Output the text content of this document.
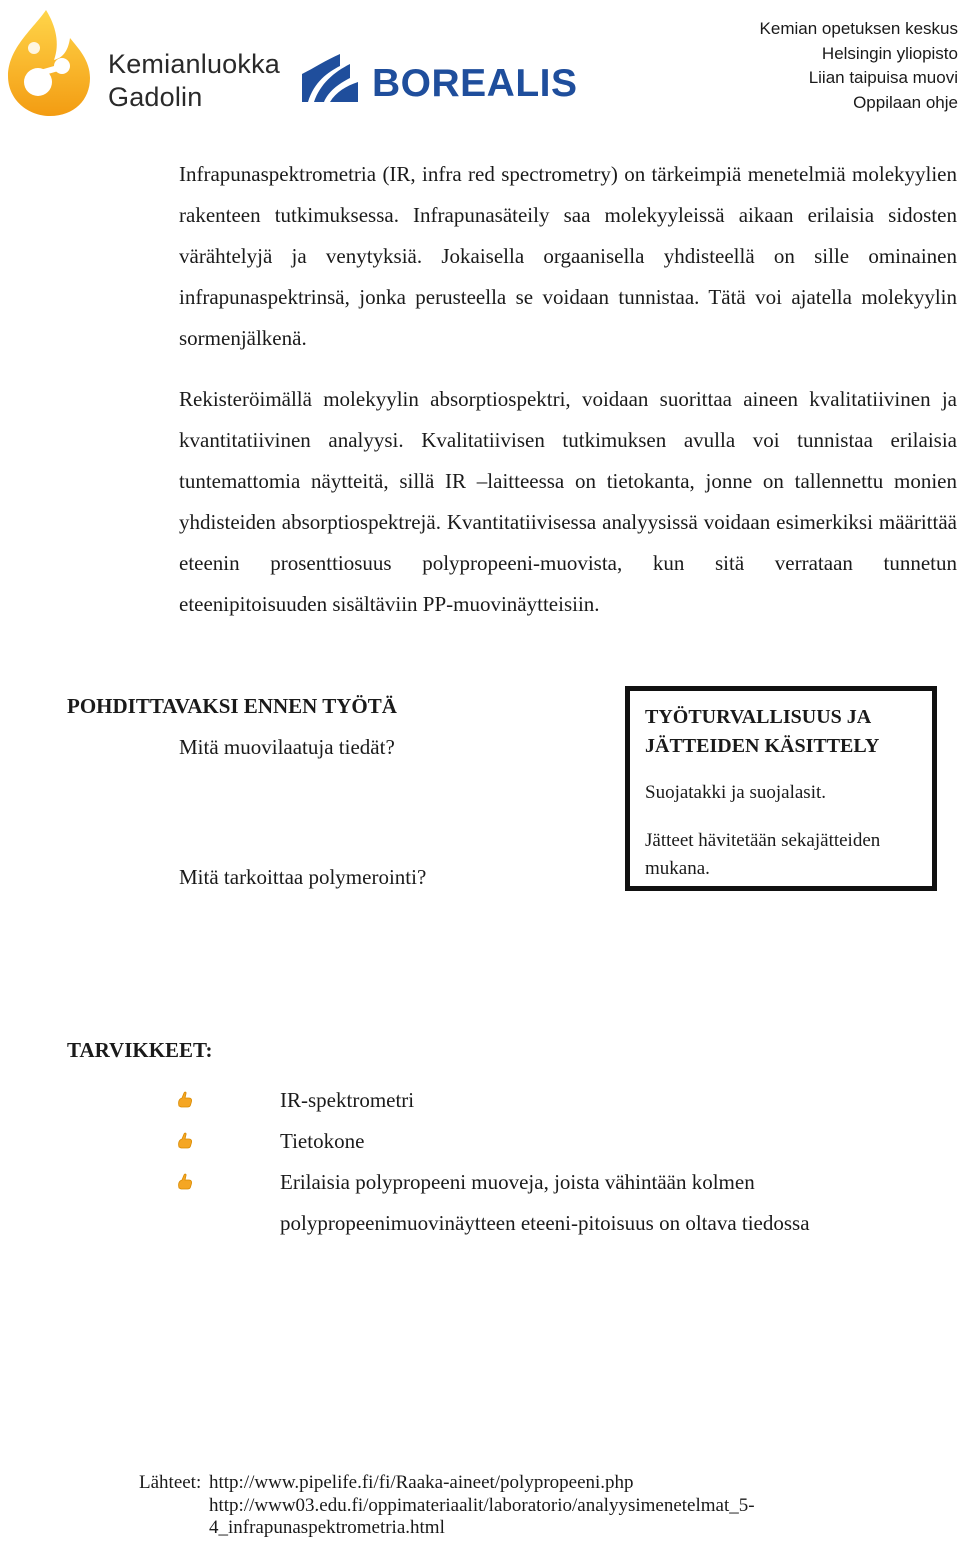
Kemianluokka
Gadolin	BOREALIS
Kemian opetuksen keskus
Helsingin yliopisto
Liian taipuisa muovi
Oppilaan ohje
Infrapunaspektrometria (IR, infra red spectrometry) on tärkeimpiä menetelmiä molekyylien rakenteen tutkimuksessa. Infrapunasäteily saa molekyyleissä aikaan erilaisia sidosten värähtelyjä ja venytyksiä. Jokaisella orgaanisella yhdisteellä on sille ominainen infrapunaspektrinsä, jonka perusteella se voidaan tunnistaa. Tätä voi ajatella molekyylin sormenjälkenä.
Rekisteröimällä molekyylin absorptiospektri, voidaan suorittaa aineen kvalitatiivinen ja kvantitatiivinen analyysi. Kvalitatiivisen tutkimuksen avulla voi tunnistaa erilaisia tuntemattomia näytteitä, sillä IR –laitteessa on tietokanta, jonne on tallennettu monien yhdisteiden absorptiospektrejä. Kvantitatiivisessa analyysissä voidaan esimerkiksi määrittää eteenin prosenttiosuus polypropeeni-muovista, kun sitä verrataan tunnetun eteenipitoisuuden sisältäviin PP-muovinäytteisiin.
POHDITTAVAKSI ENNEN TYÖTÄ
Mitä muovilaatuja tiedät?
Mitä tarkoittaa polymerointi?
TYÖTURVALLISUUS JA
JÄTTEIDEN KÄSITTELY
Suojatakki ja suojalasit.
Jätteet hävitetään sekajätteiden mukana.
TARVIKKEET:
IR-spektrometri
Tietokone
Erilaisia polypropeeni muoveja, joista vähintään kolmen polypropeenimuovinäytteen eteeni-pitoisuus on oltava tiedossa
Lähteet: http://www.pipelife.fi/fi/Raaka-aineet/polypropeeni.php
http://www03.edu.fi/oppimateriaalit/laboratorio/analyysimenetelmat_5-
4_infrapunaspektrometria.html
